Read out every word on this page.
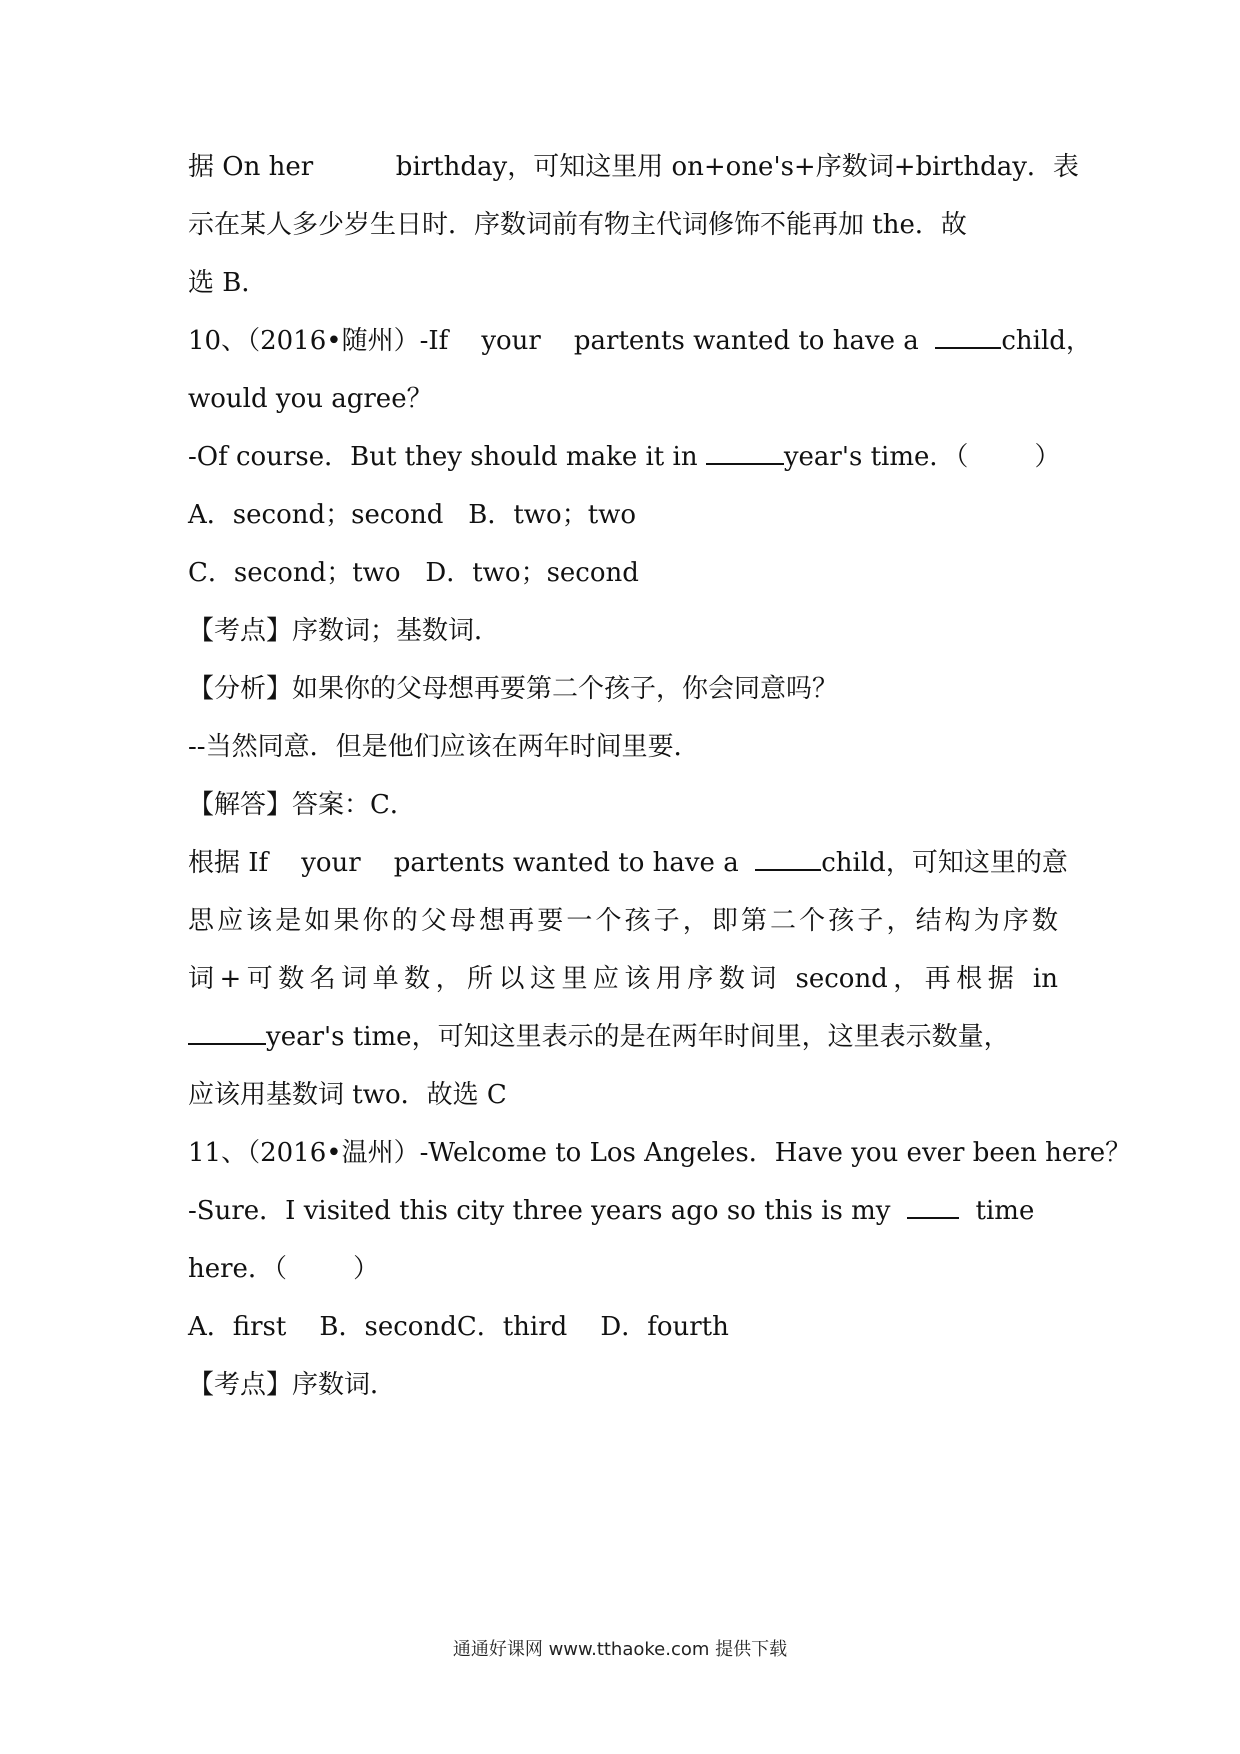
据 On her          birthday，可知这里用 on+one's+序数词+birthday．表
示在某人多少岁生日时．序数词前有物主代词修饰不能再加 the．故
选 B．
10、（2016•随州）-If    your    partents wanted to have a	child，
would you agree？
-Of course．But they should make it in	year's time．（        ）
A．second；second   B．two；two
C．second；two   D．two；second
【考点】序数词；基数词．
【分析】如果你的父母想再要第二个孩子，你会同意吗？
--当然同意．但是他们应该在两年时间里要．
【解答】答案：C．
根据 If    your    partents wanted to have a	child，可知这里的意
思应该是如果你的父母想再要一个孩子，即第二个孩子，结构为序数
词+可数名词单数，所以这里应该用序数词 second，再根据 in
year's time，可知这里表示的是在两年时间里，这里表示数量，
应该用基数词 two．故选 C
11、（2016•温州）-Welcome to Los Angeles．Have you ever been here？
-Sure．I visited this city three years ago so this is my	time
here．（        ）
A．first    B．secondC．third    D．fourth
【考点】序数词．
通通好课网 www.tthaoke.com 提供下载
